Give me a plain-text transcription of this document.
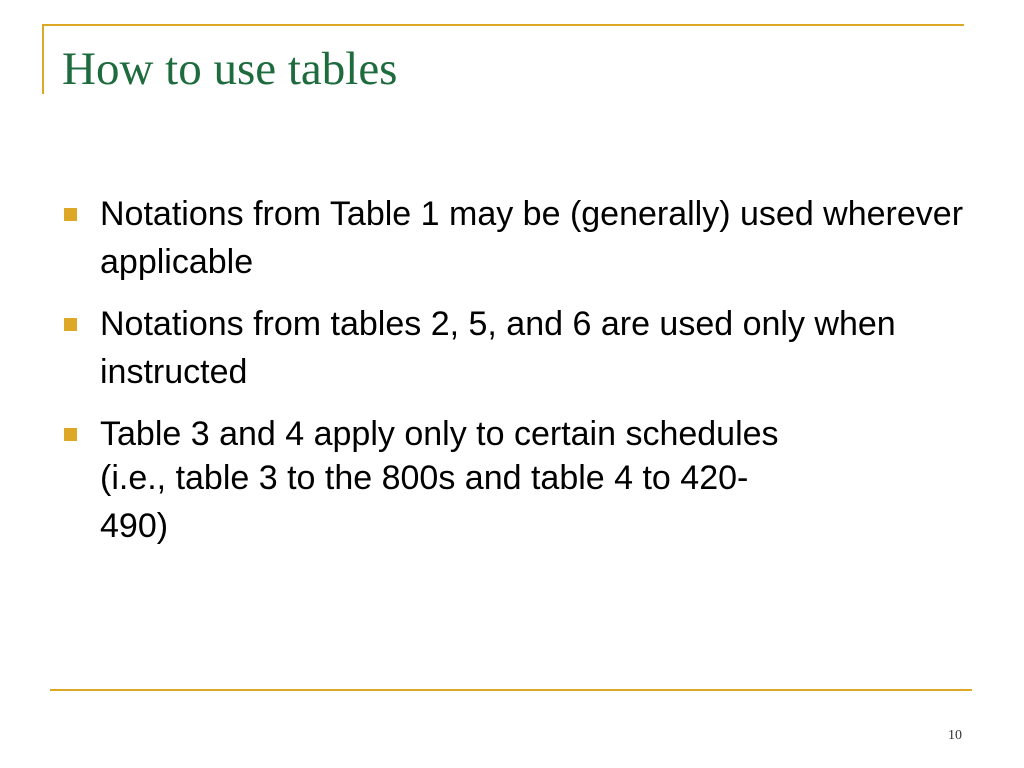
How to use tables
Notations from Table 1 may be (generally) used wherever applicable
Notations from tables 2, 5, and 6 are used only when instructed
Table 3 and 4 apply only to certain schedules
(i.e., table 3 to the 800s and table 4 to 420-
490)
10
